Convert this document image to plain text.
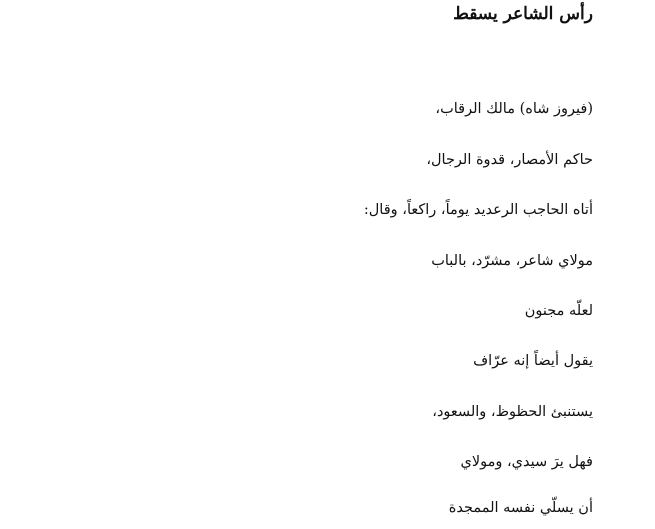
رأس الشاعر يسقط

(فيروز شاه) مالك الرقاب،

حاكم الأمصار، قدوة الرجال،

أتاه الحاجب الرعديد يوماً، راكعاً، وقال:

مولاي شاعر، مشرّد، بالباب

لعلّه مجنون

يقول أيضاً إنه عرّاف

يستنبئ الحظوظ، والسعود،

فهل يرَ سيدي، ومولاي

أن يسلّي نفسه الممجدة
